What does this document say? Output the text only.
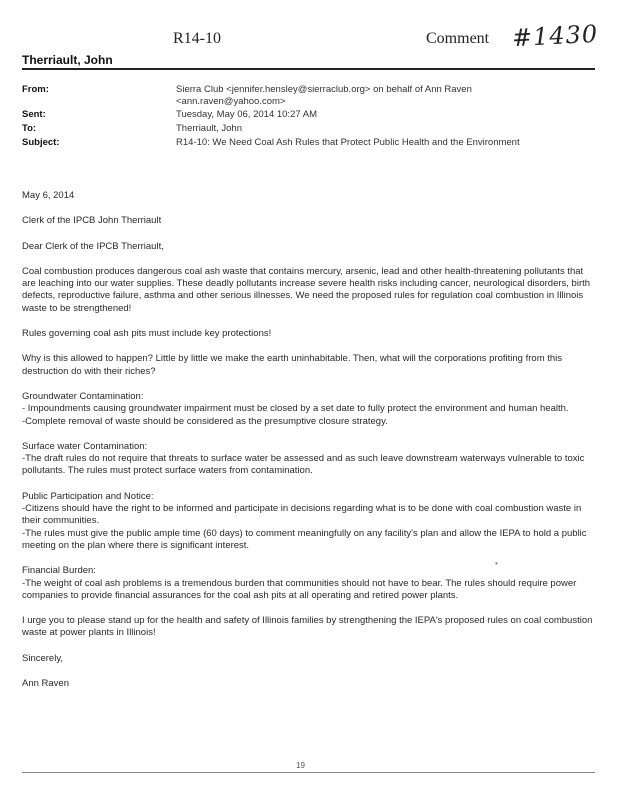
R14-10	Comment #1430
Therriault, John
From:	Sierra Club <jennifer.hensley@sierraclub.org> on behalf of Ann Raven
<ann.raven@yahoo.com>
Sent:	Tuesday, May 06, 2014 10:27 AM
To:	Therriault, John
Subject:	R14-10: We Need Coal Ash Rules that Protect Public Health and the Environment

May 6, 2014

Clerk of the IPCB John Therriault

Dear Clerk of the IPCB Therriault,

Coal combustion produces dangerous coal ash waste that contains mercury, arsenic, lead and other health-threatening pollutants that are leaching into our water supplies. These deadly pollutants increase severe health risks including cancer, neurological disorders, birth defects, reproductive failure, asthma and other serious illnesses. We need the proposed rules for regulation coal combustion in Illinois waste to be strengthened!

Rules governing coal ash pits must include key protections!

Why is this allowed to happen? Little by little we make the earth uninhabitable. Then, what will the corporations profiting from this destruction do with their riches?

Groundwater Contamination:
- Impoundments causing groundwater impairment must be closed by a set date to fully protect the environment and human health.
-Complete removal of waste should be considered as the presumptive closure strategy.

Surface water Contamination:
-The draft rules do not require that threats to surface water be assessed and as such leave downstream waterways vulnerable to toxic pollutants. The rules must protect surface waters from contamination.

Public Participation and Notice:
-Citizens should have the right to be informed and participate in decisions regarding what is to be done with coal combustion waste in their communities.
-The rules must give the public ample time (60 days) to comment meaningfully on any facility's plan and allow the IEPA to hold a public meeting on the plan where there is significant interest.

Financial Burden:
-The weight of coal ash problems is a tremendous burden that communities should not have to bear. The rules should require power companies to provide financial assurances for the coal ash pits at all operating and retired power plants.

I urge you to please stand up for the health and safety of Illinois families by strengthening the IEPA's proposed rules on coal combustion waste at power plants in Illinois!

Sincerely,

Ann Raven

•
19
